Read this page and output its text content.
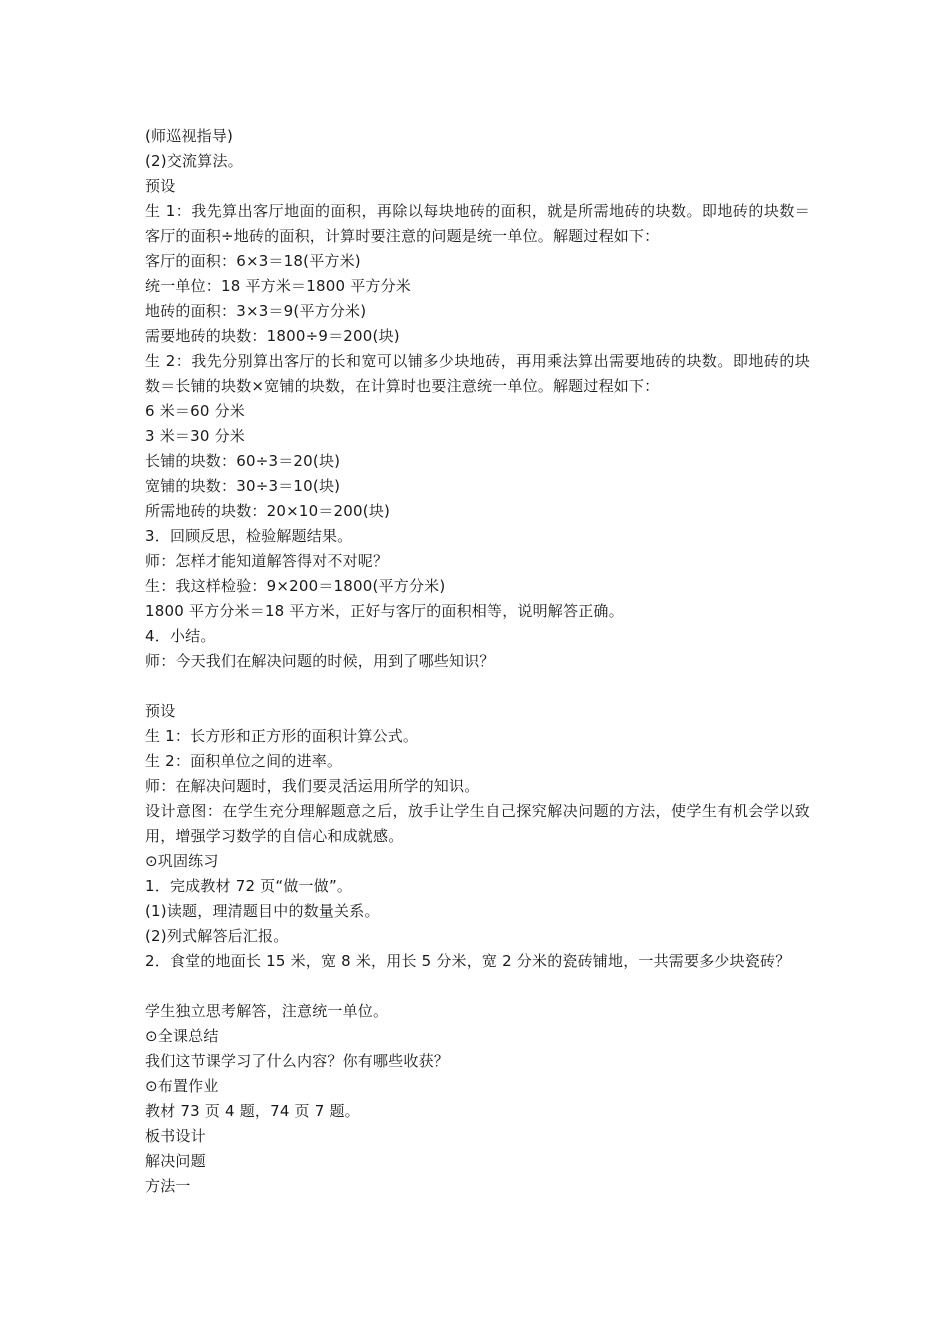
(师巡视指导)
(2)交流算法。
预设
生 1：我先算出客厅地面的面积，再除以每块地砖的面积，就是所需地砖的块数。即地砖的块数＝客厅的面积÷地砖的面积，计算时要注意的问题是统一单位。解题过程如下：
客厅的面积：6×3＝18(平方米)
统一单位：18 平方米＝1800 平方分米
地砖的面积：3×3＝9(平方分米)
需要地砖的块数：1800÷9＝200(块)
生 2：我先分别算出客厅的长和宽可以铺多少块地砖，再用乘法算出需要地砖的块数。即地砖的块数＝长铺的块数×宽铺的块数，在计算时也要注意统一单位。解题过程如下：
6 米＝60 分米
3 米＝30 分米
长铺的块数：60÷3＝20(块)
宽铺的块数：30÷3＝10(块)
所需地砖的块数：20×10＝200(块)
3．回顾反思，检验解题结果。
师：怎样才能知道解答得对不对呢？
生：我这样检验：9×200＝1800(平方分米)
1800 平方分米＝18 平方米，正好与客厅的面积相等，说明解答正确。
4．小结。
师：今天我们在解决问题的时候，用到了哪些知识？
预设
生 1：长方形和正方形的面积计算公式。
生 2：面积单位之间的进率。
师：在解决问题时，我们要灵活运用所学的知识。
设计意图：在学生充分理解题意之后，放手让学生自己探究解决问题的方法，使学生有机会学以致用，增强学习数学的自信心和成就感。
⊙巩固练习
1．完成教材 72 页“做一做”。
(1)读题，理清题目中的数量关系。
(2)列式解答后汇报。
2．食堂的地面长 15 米，宽 8 米，用长 5 分米，宽 2 分米的瓷砖铺地，一共需要多少块瓷砖？
学生独立思考解答，注意统一单位。
⊙全课总结
我们这节课学习了什么内容？你有哪些收获？
⊙布置作业
教材 73 页 4 题，74 页 7 题。
板书设计
解决问题
方法一
